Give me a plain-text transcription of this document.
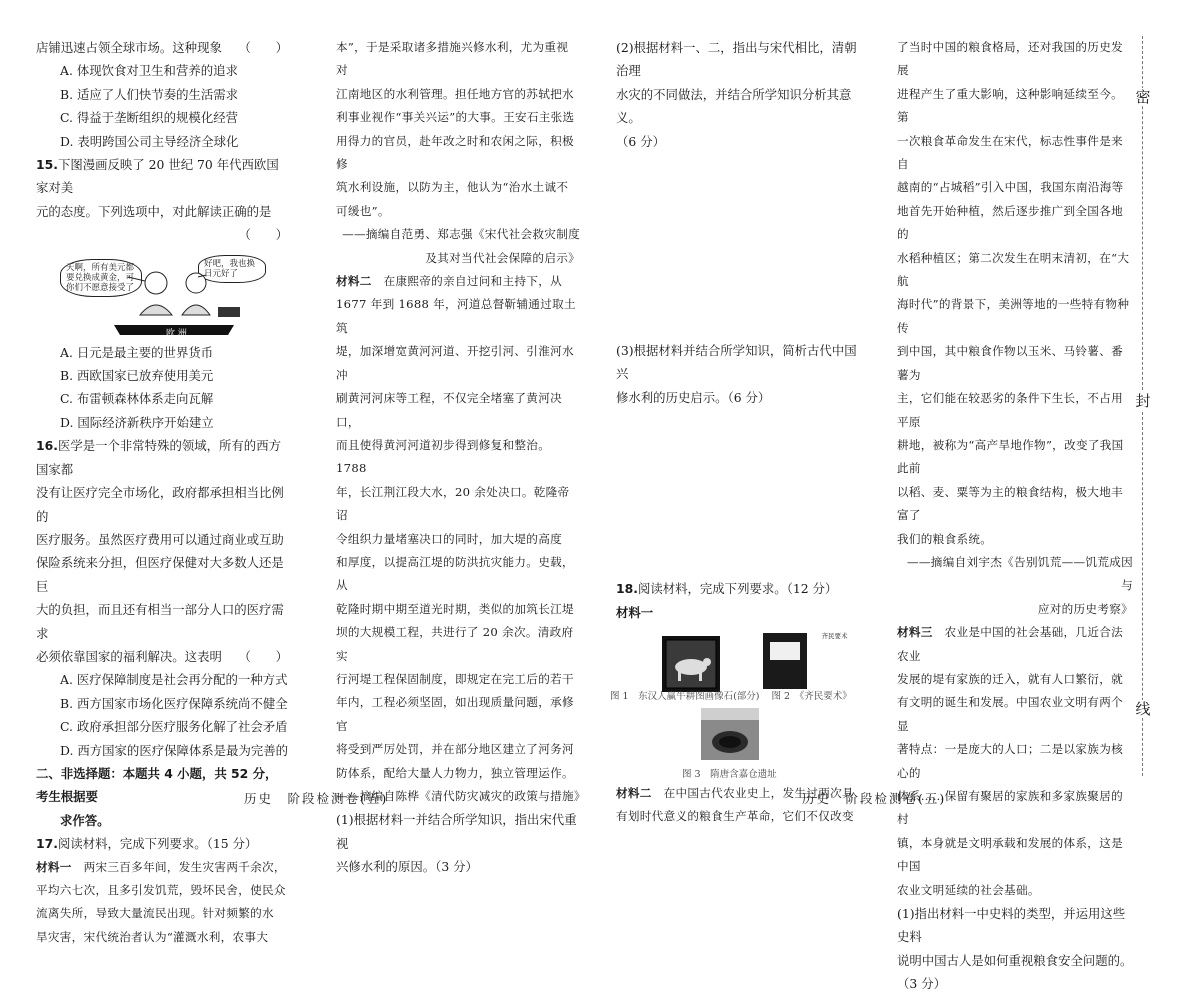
店铺迅速占领全球市场。这种现象 （　　）

A. 体现饮食对卫生和营养的追求

B. 适应了人们快节奏的生活需求

C. 得益于垄断组织的规模化经营

D. 表明跨国公司主导经济全球化

15.下图漫画反映了 20 世纪 70 年代西欧国家对美

元的态度。下列选项中，对此解读正确的是

（　　）

天啊，所有美元都要兑换成黄金，可你们不愿意接受了
好吧，我也换日元好了
欧 洲

A. 日元是最主要的世界货币

B. 西欧国家已放弃使用美元

C. 布雷顿森林体系走向瓦解

D. 国际经济新秩序开始建立

16.医学是一个非常特殊的领域，所有的西方国家都

没有让医疗完全市场化，政府都承担相当比例的

医疗服务。虽然医疗费用可以通过商业或互助

保险系统来分担，但医疗保健对大多数人还是巨

大的负担，而且还有相当一部分人口的医疗需求

必须依靠国家的福利解决。这表明 （　　）

A. 医疗保障制度是社会再分配的一种方式

B. 西方国家市场化医疗保障系统尚不健全

C. 政府承担部分医疗服务化解了社会矛盾

D. 西方国家的医疗保障体系是最为完善的

二、非选择题：本题共 4 小题，共 52 分，考生根据要

求作答。

17.阅读材料，完成下列要求。（15 分）

材料一　 两宋三百多年间，发生灾害两千余次，

平均六七次，且多引发饥荒，毁坏民舍，使民众

流离失所，导致大量流民出现。针对频繁的水

旱灾害，宋代统治者认为“灌溉水利，农事大

本”，于是采取诸多措施兴修水利，尤为重视对

江南地区的水利管理。担任地方官的苏轼把水

利事业视作“事关兴运”的大事。王安石主张选

用得力的官员，赴年改之时和农闲之际，积极修

筑水利设施，以防为主，他认为“治水土诚不

可缓也”。

——摘编自范勇、郑志强《宋代社会救灾制度

及其对当代社会保障的启示》

材料二　 在康熙帝的亲自过问和主持下，从

1677 年到 1688 年，河道总督靳辅通过取土筑

堤，加深增宽黄河河道、开挖引河、引淮河水冲

刷黄河河床等工程，不仅完全堵塞了黄河决口，

而且使得黄河河道初步得到修复和整治。1788

年，长江荆江段大水，20 余处决口。乾隆帝诏

令组织力量堵塞决口的同时，加大堤的高度

和厚度，以提高江堤的防洪抗灾能力。史载，从

乾隆时期中期至道光时期，类似的加筑长江堤

坝的大规模工程，共进行了 20 余次。清政府实

行河堤工程保固制度，即规定在完工后的若干

年内，工程必须坚固，如出现质量问题，承修官

将受到严厉处罚，并在部分地区建立了河务河

防体系，配给大量人力物力，独立管理运作。

——摘编自陈桦《清代防灾减灾的政策与措施》

(1)根据材料一并结合所学知识，指出宋代重视

兴修水利的原因。（3 分）

(2)根据材料一、二，指出与宋代相比，清朝治理

水灾的不同做法，并结合所学知识分析其意义。

（6 分）

(3)根据材料并结合所学知识，简析古代中国兴

修水利的历史启示。（6 分）

18.阅读材料，完成下列要求。（12 分）

材料一

齐民要术
图 1　东汉人赢牛耕图画像石(部分) 图 2　《齐民要术》

图 3　隋唐含嘉仓遗址

材料二　 在中国古代农业史上，发生过两次具

有划时代意义的粮食生产革命，它们不仅改变

了当时中国的粮食格局，还对我国的历史发展

进程产生了重大影响，这种影响延续至今。第

一次粮食革命发生在宋代，标志性事件是来自

越南的“占城稻”引入中国，我国东南沿海等

地首先开始种植，然后逐步推广到全国各地的

水稻种植区；第二次发生在明末清初，在“大航

海时代”的背景下，美洲等地的一些特有物种传

到中国，其中粮食作物以玉米、马铃薯、番薯为

主，它们能在较恶劣的条件下生长，不占用平原

耕地，被称为“高产旱地作物”，改变了我国此前

以稻、麦、粟等为主的粮食结构，极大地丰富了

我们的粮食系统。

——摘编自刘宇杰《告别饥荒——饥荒成因与

应对的历史考察》

材料三　 农业是中国的社会基础，几近合法农业

发展的堤有家族的迁入，就有人口繁衍，就

有文明的诞生和发展。中国农业文明有两个显

著特点：一是庞大的人口；二是以家族为核心的

体系……保留有聚居的家族和多家族聚居的村

镇，本身就是文明承载和发展的体系，这是中国

农业文明延续的社会基础。

(1)指出材料一中史料的类型，并运用这些史料

说明中国古人是如何重视粮食安全问题的。

（3 分）

历史　阶段检测卷(五)	历史　阶段检测卷(五)
密
封
线
